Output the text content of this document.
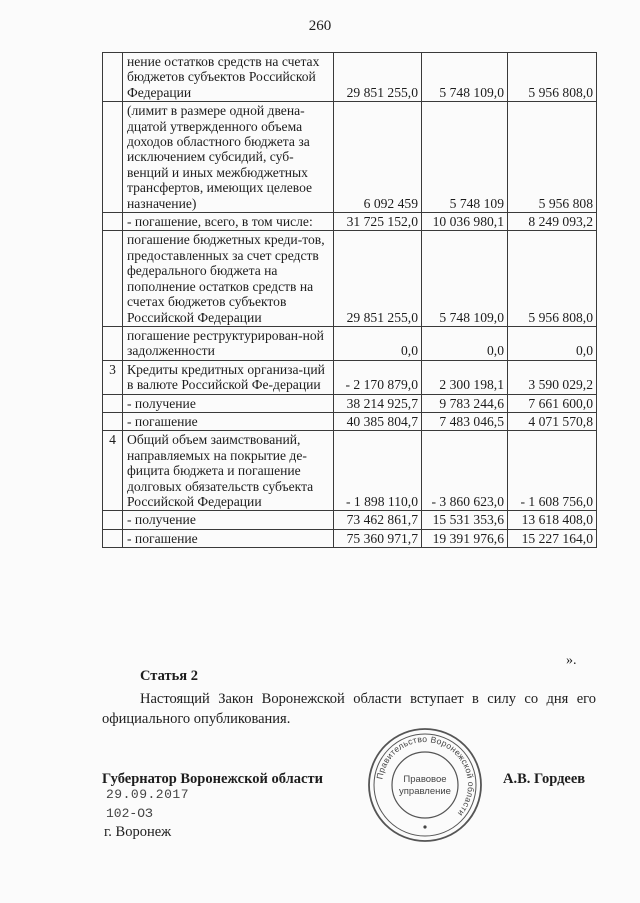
260
	нение остатков средств на счетах бюджетов субъектов Российской Федерации	29 851 255,0	5 748 109,0	5 956 808,0
	(лимит в размере одной двена-дцатой утвержденного объема доходов областного бюджета за исключением субсидий, суб-венций и иных межбюджетных трансфертов, имеющих целевое назначение)	6 092 459	5 748 109	5 956 808
	- погашение, всего, в том числе:	31 725 152,0	10 036 980,1	8 249 093,2
	погашение бюджетных креди-тов, предоставленных за счет средств федерального бюджета на пополнение остатков средств на счетах бюджетов субъектов Российской Федерации	29 851 255,0	5 748 109,0	5 956 808,0
	погашение реструктурирован-ной задолженности	0,0	0,0	0,0
3	Кредиты кредитных организа-ций в валюте Российской Фе-дерации	- 2 170 879,0	2 300 198,1	3 590 029,2
	- получение	38 214 925,7	9 783 244,6	7 661 600,0
	- погашение	40 385 804,7	7 483 046,5	4 071 570,8
4	Общий объем заимствований, направляемых на покрытие де-фицита бюджета и погашение долговых обязательств субъекта Российской Федерации	- 1 898 110,0	- 3 860 623,0	- 1 608 756,0
	- получение	73 462 861,7	15 531 353,6	13 618 408,0
	- погашение	75 360 971,7	19 391 976,6	15 227 164,0
».
Статья 2
Настоящий Закон Воронежской области вступает в силу со дня его официального опубликования.
Губернатор Воронежской области	А.В. Гордеев
29.09.2017
102-ОЗ
г. Воронеж
Правительство Воронежской области
Правовое
управление
